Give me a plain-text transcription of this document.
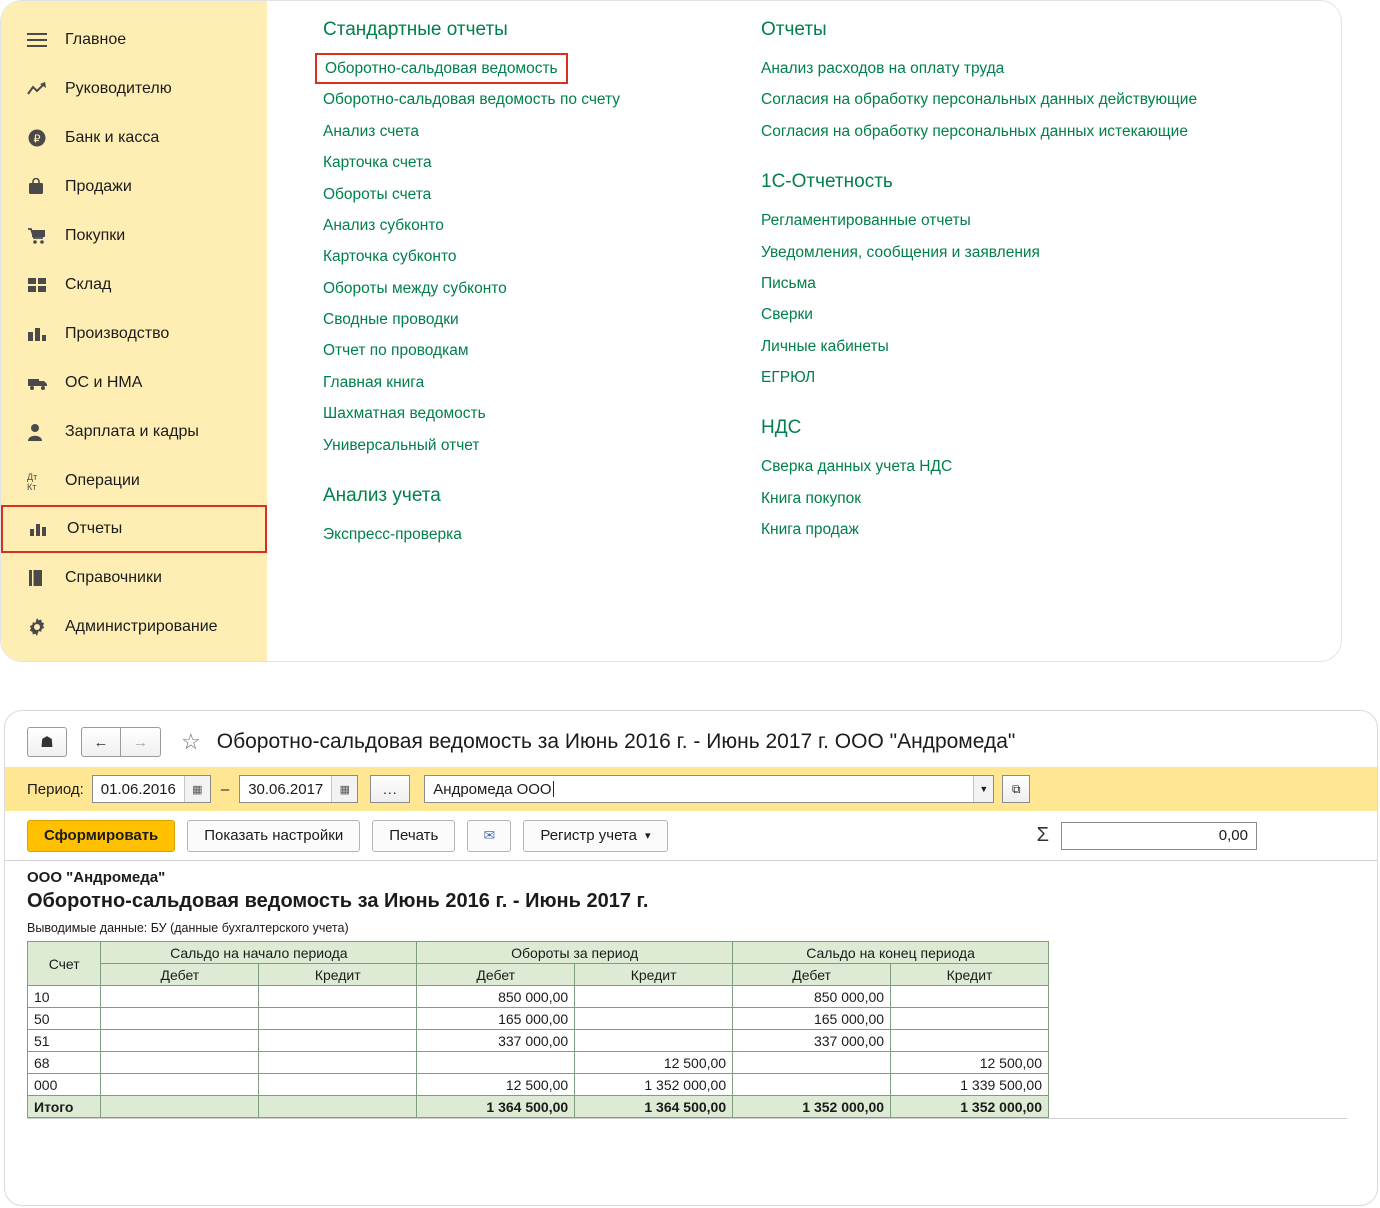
Главное
Руководителю
₽ Банк и касса
Продажи
Покупки
Склад
Производство
ОС и НМА
Зарплата и кадры
Дт
Кт Операции
Отчеты
Справочники
Администрирование
Стандартные отчеты
Оборотно-сальдовая ведомость
Оборотно-сальдовая ведомость по счету
Анализ счета
Карточка счета
Обороты счета
Анализ субконто
Карточка субконто
Обороты между субконто
Сводные проводки
Отчет по проводкам
Главная книга
Шахматная ведомость
Универсальный отчет
Анализ учета
Экспресс-проверка

Отчеты
Анализ расходов на оплату труда
Согласия на обработку персональных данных действующие
Согласия на обработку персональных данных истекающие
1С-Отчетность
Регламентированные отчеты
Уведомления, сообщения и заявления
Письма
Сверки
Личные кабинеты
ЕГРЮЛ
НДС
Сверка данных учета НДС
Книга покупок
Книга продаж
☗	←	→	☆ Оборотно-сальдовая ведомость за Июнь 2016 г. - Июнь 2017 г. ООО "Андромеда"
Период:	01.06.2016	▦	–	30.06.2017	▦	...	Андромеда ООО	▼	⧉
Сформировать	Показать настройки	Печать	✉	Регистр учета ▾	Σ	0,00
ООО "Андромеда"
Оборотно-сальдовая ведомость за Июнь 2016 г. - Июнь 2017 г.
Выводимые данные: БУ (данные бухгалтерского учета)
Счет	Сальдо на начало периода		Обороты за период		Сальдо на конец периода	
	Дебет	Кредит	Дебет	Кредит	Дебет	Кредит
10			850 000,00		850 000,00	
50			165 000,00		165 000,00	
51			337 000,00		337 000,00	
68				12 500,00		12 500,00
000			12 500,00	1 352 000,00		1 339 500,00
Итого			1 364 500,00	1 364 500,00	1 352 000,00	1 352 000,00
